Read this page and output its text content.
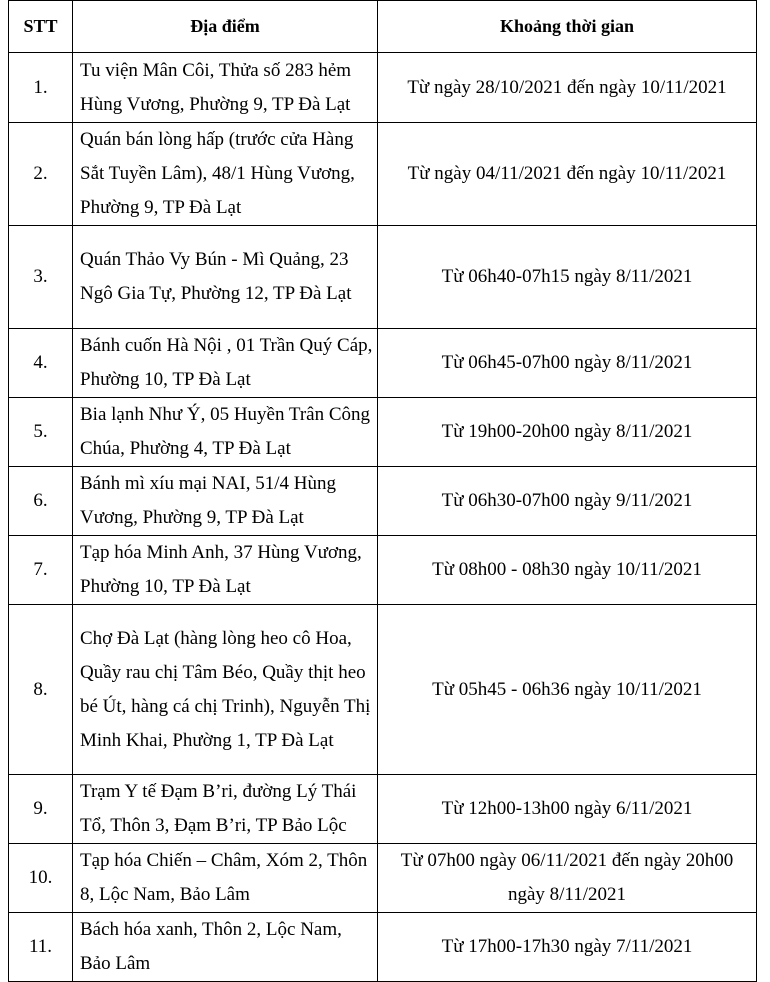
STT	Địa điểm	Khoảng thời gian
1.	Tu viện Mân Côi, Thửa số 283 hẻm Hùng Vương, Phường 9, TP Đà Lạt	Từ ngày 28/10/2021 đến ngày 10/11/2021
2.	Quán bán lòng hấp (trước cửa Hàng Sắt Tuyền Lâm), 48/1 Hùng Vương, Phường 9, TP Đà Lạt	Từ ngày 04/11/2021 đến ngày 10/11/2021
3.	Quán Thảo Vy Bún - Mì Quảng, 23 Ngô Gia Tự, Phường 12, TP Đà Lạt	Từ 06h40-07h15 ngày 8/11/2021
4.	Bánh cuốn Hà Nội , 01 Trần Quý Cáp, Phường 10, TP Đà Lạt	Từ 06h45-07h00 ngày 8/11/2021
5.	Bia lạnh Như Ý, 05 Huyền Trân Công Chúa, Phường 4, TP Đà Lạt	Từ 19h00-20h00 ngày 8/11/2021
6.	Bánh mì xíu mại NAI, 51/4 Hùng Vương, Phường 9, TP Đà Lạt	Từ 06h30-07h00 ngày 9/11/2021
7.	Tạp hóa Minh Anh, 37 Hùng Vương, Phường 10, TP Đà Lạt	Từ 08h00 - 08h30 ngày 10/11/2021
8.	Chợ Đà Lạt (hàng lòng heo cô Hoa, Quầy rau chị Tâm Béo, Quầy thịt heo bé Út, hàng cá chị Trinh), Nguyễn Thị Minh Khai, Phường 1, TP Đà Lạt	Từ 05h45 - 06h36 ngày 10/11/2021
9.	Trạm Y tế Đạm B’ri, đường Lý Thái Tổ, Thôn 3, Đạm B’ri, TP Bảo Lộc	Từ 12h00-13h00 ngày 6/11/2021
10.	Tạp hóa Chiến – Châm, Xóm 2, Thôn 8, Lộc Nam, Bảo Lâm	Từ 07h00 ngày 06/11/2021 đến ngày 20h00 ngày 8/11/2021
11.	Bách hóa xanh, Thôn 2, Lộc Nam, Bảo Lâm	Từ 17h00-17h30 ngày 7/11/2021
